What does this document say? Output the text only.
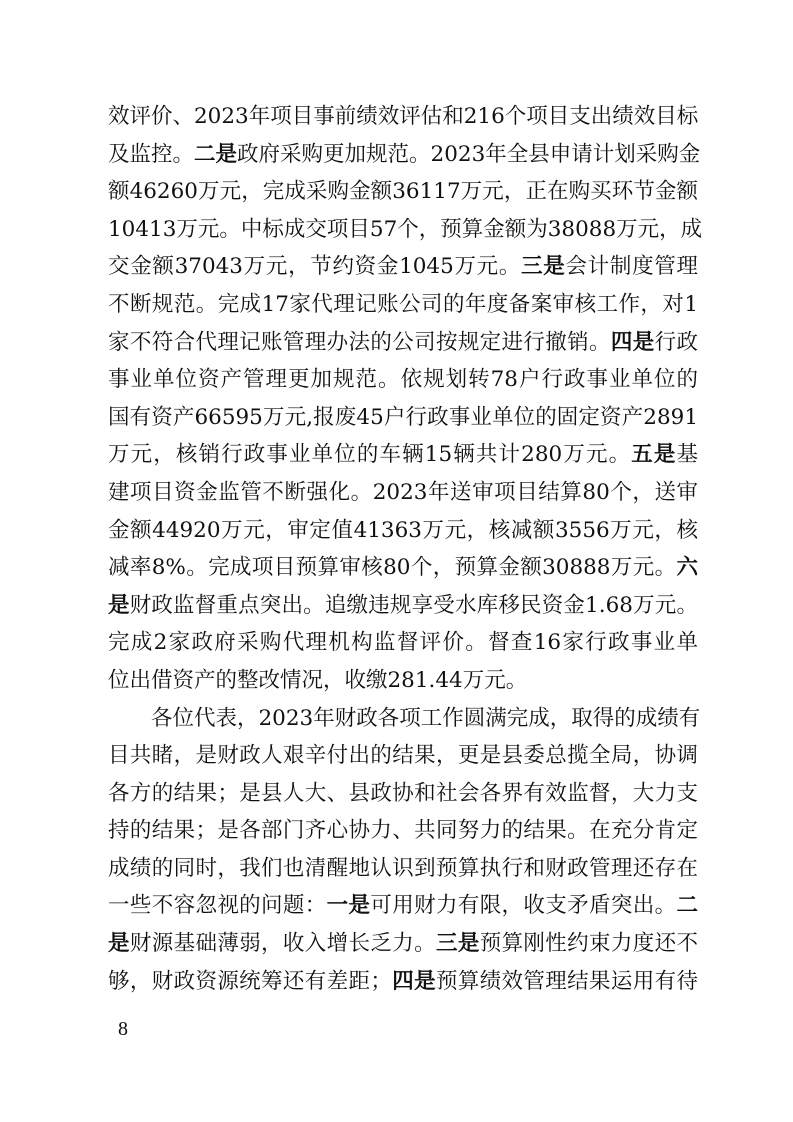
效评价、2023年项目事前绩效评估和216个项目支出绩效目标
及监控。二是政府采购更加规范。2023年全县申请计划采购金
额46260万元，完成采购金额36117万元，正在购买环节金额
10413万元。中标成交项目57个，预算金额为38088万元，成
交金额37043万元，节约资金1045万元。三是会计制度管理
不断规范。完成17家代理记账公司的年度备案审核工作，对1
家不符合代理记账管理办法的公司按规定进行撤销。四是行政
事业单位资产管理更加规范。依规划转78户行政事业单位的
国有资产66595万元,报废45户行政事业单位的固定资产2891
万元，核销行政事业单位的车辆15辆共计280万元。五是基
建项目资金监管不断强化。2023年送审项目结算80个，送审
金额44920万元，审定值41363万元，核减额3556万元，核
减率8%。完成项目预算审核80个，预算金额30888万元。六
是财政监督重点突出。追缴违规享受水库移民资金1.68万元。
完成2家政府采购代理机构监督评价。督查16家行政事业单
位出借资产的整改情况，收缴281.44万元。
各位代表，2023年财政各项工作圆满完成，取得的成绩有
目共睹，是财政人艰辛付出的结果，更是县委总揽全局，协调
各方的结果；是县人大、县政协和社会各界有效监督，大力支
持的结果；是各部门齐心协力、共同努力的结果。在充分肯定
成绩的同时，我们也清醒地认识到预算执行和财政管理还存在
一些不容忽视的问题：一是可用财力有限，收支矛盾突出。二
是财源基础薄弱，收入增长乏力。三是预算刚性约束力度还不
够，财政资源统筹还有差距；四是预算绩效管理结果运用有待
8
